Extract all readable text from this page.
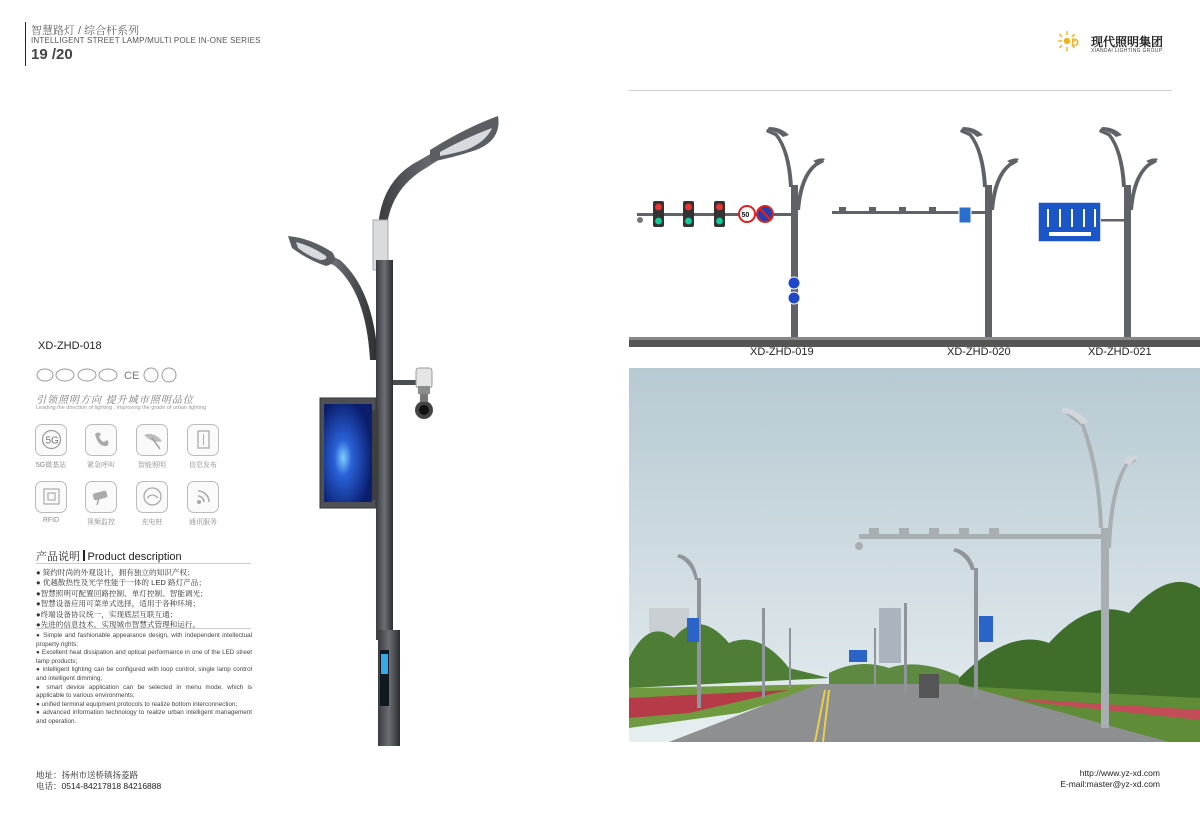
智慧路灯 / 综合杆系列
INTELLIGENT STREET LAMP/MULTI POLE IN-ONE SERIES
19 /20
D 现代照明集团
XIANDAI LIGHTING GROUP
XD-ZHD-018
CE
引领照明方向 提升城市照明品位
Leading the direction of lighting , improving the grade of urban lighting
5G
5G微基站	紧急呼叫	智能照明	信息发布
RFID	视频监控	充电桩	通讯服务
产品说明 Product description
● 简约时尚的外观设计，拥有独立的知识产权；
● 优越散热性及光学性能于一体的 LED 路灯产品；
●智慧照明可配置回路控制、单灯控制、智能调光；
●智慧设备应用可菜单式选择，适用于各种环境；
●终端设备协议统一，实现底层互联互通；
●先进的信息技术，实现城市智慧式管理和运行。
● Simple and fashionable appearance design, with independent intellectual property rights;
● Excellent heat dissipation and optical performance in one of the LED street lamp products;
● intelligent lighting can be configured with loop control, single lamp control and intelligent dimming;
● smart device application can be selected in menu mode, which is applicable to various environments;
● unified terminal equipment protocols to realize bottom interconnection;
● advanced information technology to realize urban intelligent management and operation.
50
XD-ZHD-019	XD-ZHD-020	XD-ZHD-021
地址：扬州市送桥镇扬菱路
电话：0514-84217818 84216888
http://www.yz-xd.com
E-mail:master@yz-xd.com
